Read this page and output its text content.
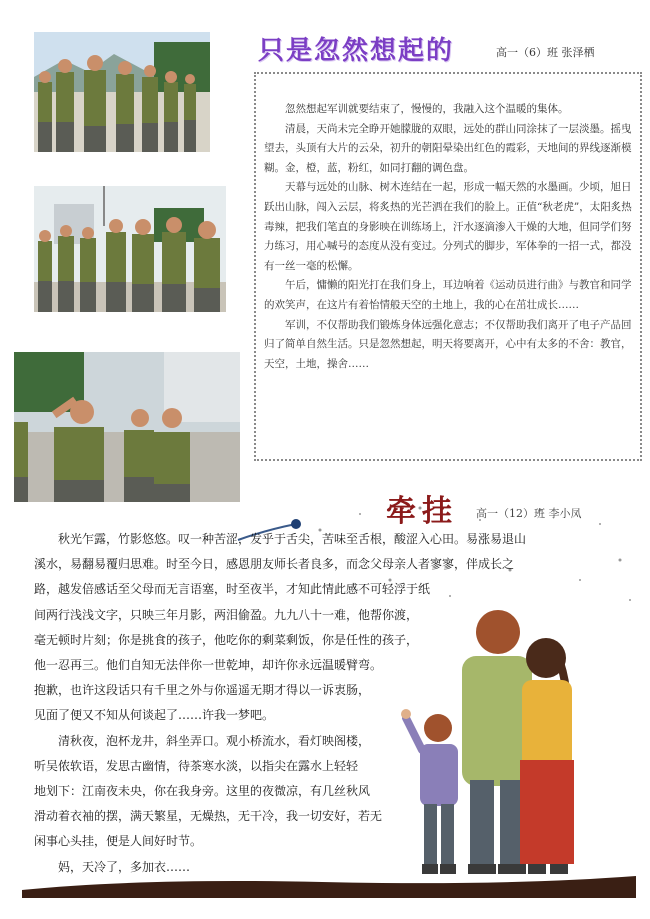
只是忽然想起的	高一（6）班 张泽栖

忽然想起军训就要结束了，慢慢的，我融入这个温暖的集体。

清晨，天尚未完全睁开她朦胧的双眼，远处的群山同涂抹了一层淡墨。摇曳望去，头顶有大片的云朵，初升的朝阳晕染出红色的霞彩，天地间的界线逐渐模糊。金，橙，蓝，粉红，如同打翻的调色盘。

天幕与远处的山脉、树木连结在一起，形成一幅天然的水墨画。少顷，旭日跃出山脉，闯入云层，将炙热的光芒洒在我们的脸上。正值“秋老虎”，太阳炙热毒辣，把我们笔直的身影映在训练场上，汗水逐滴渗入干燥的大地，但同学们努力练习，用心喊号的态度从没有变过。分列式的脚步，军体拳的一招一式，都没有一丝一毫的松懈。

午后，慵懒的阳光打在我们身上，耳边响着《运动员进行曲》与教官和同学的欢笑声，在这片有着怡情般天空的土地上，我的心在茁壮成长……

军训，不仅帮助我们锻炼身体远强化意志；不仅帮助我们离开了电子产品回归了简单自然生活。只是忽然想起，明天将要离开，心中有太多的不舍：教官，天空，土地，操舍……

牵挂 高一（12）班 李小凤

秋光乍露，竹影悠悠。叹一种苦涩，发乎于舌尖，苦味至舌根，酸涩入心田。易涨易退山

溪水，易翻易覆归思难。时至今日，感恩朋友师长者良多，而念父母亲人者寥寥，伴成长之

路，越发倍感话至父母而无言语塞，时至夜半，才知此情此感不可轻浮于纸

间两行浅浅文字，只映三年月影，两泪偷盈。九九八十一难，他帮你渡，

毫无顿时片刻；你是挑食的孩子，他吃你的剩菜剩饭，你是任性的孩子，

他一忍再三。他们自知无法伴你一世乾坤，却许你永远温暖臂弯。

抱歉，也许这段话只有千里之外与你遥遥无期才得以一诉衷肠，

见面了便又不知从何谈起了……许我一梦吧。

清秋夜，泡杯龙井，斜坐弄口。观小桥流水，看灯映阁楼，

听吴侬软语，发思古幽情，待茶寒水淡，以指尖在露水上轻轻

地划下：江南夜未央，你在我身旁。这里的夜微凉，有几丝秋风

滑动着衣袖的摆，满天繁星，无燥热，无干冷，我一切安好，若无

闲事心头挂，便是人间好时节。

妈，天冷了，多加衣……
